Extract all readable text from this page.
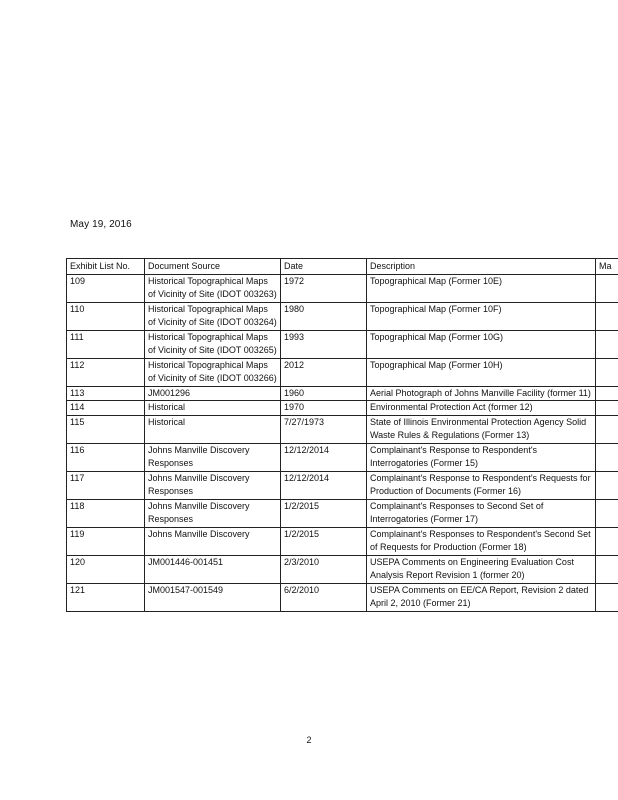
May 19, 2016
Exhibit List No.	Document Source	Date	Description	Ma
109	Historical Topographical Maps of Vicinity of Site (IDOT 003263)	1972	Topographical Map (Former 10E)	
110	Historical Topographical Maps of Vicinity of Site (IDOT 003264)	1980	Topographical Map (Former 10F)	
111	Historical Topographical Maps of Vicinity of Site (IDOT 003265)	1993	Topographical Map (Former 10G)	
112	Historical Topographical Maps of Vicinity of Site (IDOT 003266)	2012	Topographical Map (Former 10H)	
113	JM001296	1960	Aerial Photograph of Johns Manville Facility (former 11)	
114	Historical	1970	Environmental Protection Act (former 12)	
115	Historical	7/27/1973	State of Illinois Environmental Protection Agency Solid Waste Rules & Regulations (Former 13)	
116	Johns Manville Discovery Responses	12/12/2014	Complainant's Response to Respondent's Interrogatories (Former 15)	
117	Johns Manville Discovery Responses	12/12/2014	Complainant's Response to Respondent's Requests for Production of Documents (Former 16)	
118	Johns Manville Discovery Responses	1/2/2015	Complainant's Responses to Second Set of Interrogatories (Former 17)	
119	Johns Manville Discovery	1/2/2015	Complainant's Responses to Respondent's Second Set of Requests for Production (Former 18)	
120	JM001446-001451	2/3/2010	USEPA Comments on Engineering Evaluation Cost Analysis Report Revision 1 (former 20)	
121	JM001547-001549	6/2/2010	USEPA Comments on EE/CA Report, Revision 2 dated April 2, 2010 (Former 21)	
2
